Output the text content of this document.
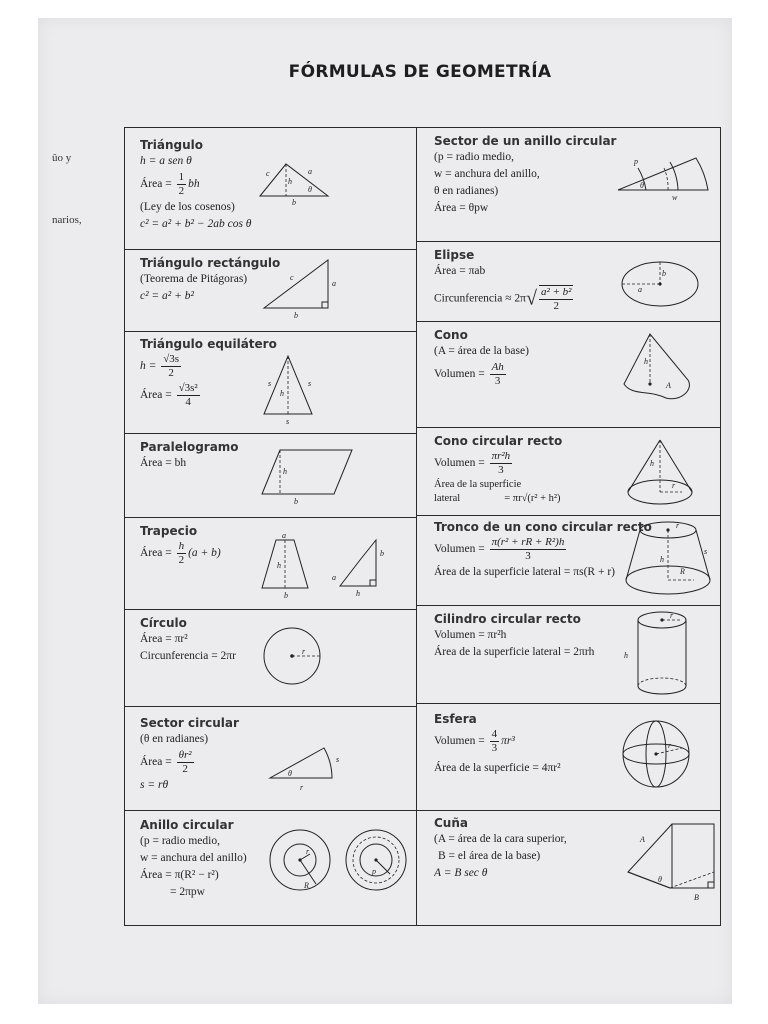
FÓRMULAS DE GEOMETRÍA
ûo y
narios,
Triángulo
h = a sen θ
Área = $\frac{1}{2}$ bh
(Ley de los cosenos)
c² = a² + b² − 2ab cos θ
c	a
h
θ
b
Triángulo rectángulo
(Teorema de Pitágoras)
c² = a² + b²
c
a
b
Triángulo equilátero
$h = \frac{√3s}{2}$
Área = $\frac{\text{√3s²}}{4}$	s	s
h
s
Paralelogramo
Área = bh
h
b
Trapecio
Área = $\frac{h}{2} (a + b)$
a
h
b
a
b
h
Círculo
Área = πr²
Circunferencia = 2πr	r
Sector circular
(θ en radianes)
Área = $\frac{\text{θr²}}{2}$
s = rθ
θ
s
r
Anillo circular
(p = radio medio,
w = anchura del anillo)
Área = π(R² − r²)
= 2πpw
r
R
p
Sector de un anillo circular
(p = radio medio,
w = anchura del anillo,
θ en radianes)
Área = θpw
θ
p
w
Elipse
Área = πab
Circunferencia ≈ $2\pi√ \frac{\text{a² + b²}}{2}$
b
a
Cono
(A = área de la base)
Volumen = $\frac{Ah}{3}$	h
A
Cono circular recto
Volumen = $\frac{\text{πr²h}}{3}$
Área de la superficie
lateral	= πr√(r² + h²)
h
r
Tronco de un cono circular recto
Volumen = $\frac{\text{π(r² + rR + R²)h}}{3}$
Área de la superficie lateral = πs(R + r)
r
h
s
R
Cilindro circular recto
Volumen = πr²h
Área de la superficie lateral = 2πrh
r
h
Esfera
Volumen = $\frac{4}{3} \pi r^3$
Área de la superficie = 4πr²
r
Cuña
(A = área de la cara superior,
B = el área de la base)
A = B sec θ
A
θ
B
